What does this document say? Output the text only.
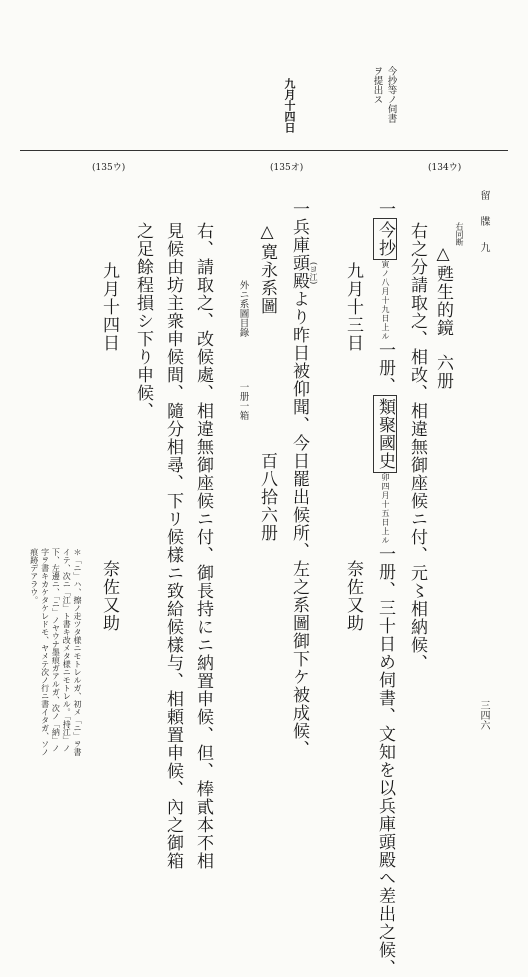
今抄等ノ伺書
ヲ提出ス
九月十四日
(135ウ)	(135オ)	(134ウ)
留　牒　九
三四六
右同断
△甦生的鏡
六册
右之分請取之、相改、相違無御座候ニ付、元〻相納候、
一今抄寅ノ八月十九日上ル一册、類聚國史卯四月十五日上ル一册、三十日め伺書、文知を以兵庫頭殿へ差出之候、
九月十三日
奈佐又助
一兵庫頭殿より昨日被仰聞、今日罷出候所、左之系圖御下ケ被成候、 (ヨ江)
△寛永系圖
百八拾六册
外ニ系圖目錄
一册一箱
右、請取之、改候處、相違無御座候ニ付、御長持にニ納置申候、但、棒貳本不相
見候由坊主衆申候間、隨分相尋、下リ候樣ニ致給候樣与、相頼置申候、內之御箱
之足餘程損シ下り申候、
九月十四日
奈佐又助
＊「ニ」ハ、擦ノ走ツタ様ニモトレルガ、初メ「ニ」ヲ書イテ、次ニ「江」ト書キ改メタ様ニモトレル。「持江」ノ下、左邊ニ、「ニ」ノヤウナ墨痕ガアルガ、次ノ「納」ノ字ヲ書キカケタケレドモ、ヤメテ次ノ行ニ書イタガ、ソノ痕跡デアラウ。
